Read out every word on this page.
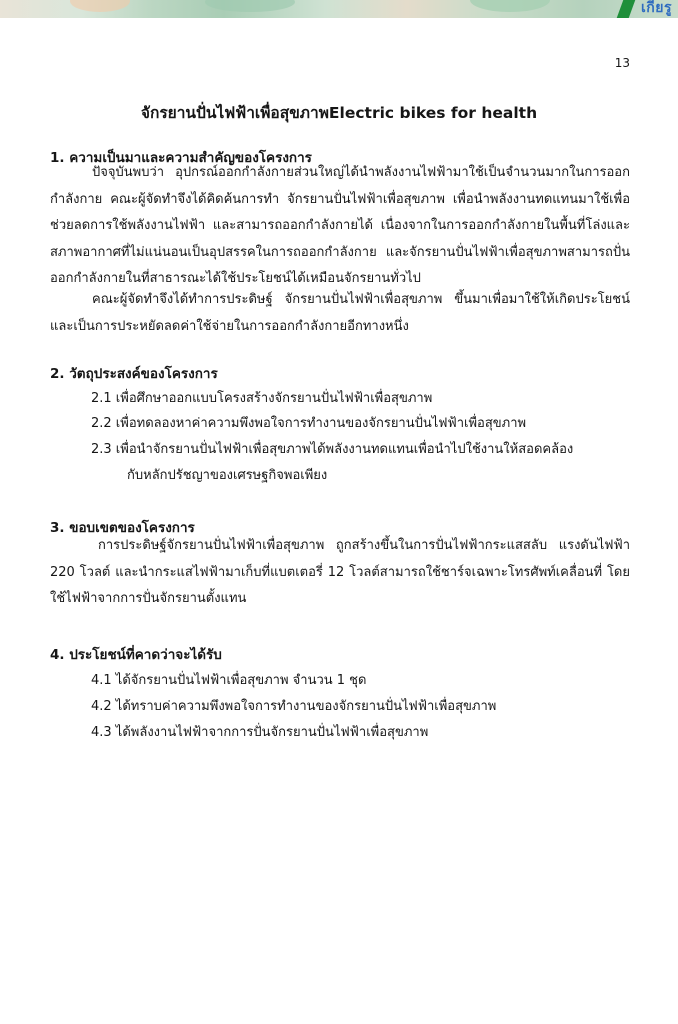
เกียรู
13
จักรยานปั่นไฟฟ้าเพื่อสุขภาพElectric bikes for health
1. ความเป็นมาและความสำคัญของโครงการ

ปัจจุบันพบว่า อุปกรณ์ออกกำลังกายส่วนใหญ่ได้นำพลังงานไฟฟ้ามาใช้เป็นจำนวนมากในการออกกำลังกาย คณะผู้จัดทำจึงได้คิดค้นการทำ จักรยานปั่นไฟฟ้าเพื่อสุขภาพ เพื่อนำพลังงานทดแทนมาใช้เพื่อช่วยลดการใช้พลังงานไฟฟ้า และสามารถออกกำลังกายได้ เนื่องจากในการออกกำลังกายในพื้นที่โล่งและสภาพอากาศที่ไม่แน่นอนเป็นอุปสรรคในการถออกกำลังกาย และจักรยานปั่นไฟฟ้าเพื่อสุขภาพสามารถปั่นออกกำลังกายในที่สาธารณะได้ใช้ประโยชน์ได้เหมือนจักรยานทั่วไป

คณะผู้จัดทำจึงได้ทำการประดิษฐ์ จักรยานปั่นไฟฟ้าเพื่อสุขภาพ ขึ้นมาเพื่อมาใช้ให้เกิดประโยชน์และเป็นการประหยัดลดค่าใช้จ่ายในการออกกำลังกายอีกทางหนึ่ง

2. วัตถุประสงค์ของโครงการ
2.1 เพื่อศึกษาออกแบบโครงสร้างจักรยานปั่นไฟฟ้าเพื่อสุขภาพ
2.2 เพื่อทดลองหาค่าความพึงพอใจการทำงานของจักรยานปั่นไฟฟ้าเพื่อสุขภาพ
2.3 เพื่อนำจักรยานปั่นไฟฟ้าเพื่อสุขภาพได้พลังงานทดแทนเพื่อนำไปใช้งานให้สอดคล้อง
กับหลักปรัชญาของเศรษฐกิจพอเพียง
3. ขอบเขตของโครงการ

การประดิษฐ์จักรยานปั่นไฟฟ้าเพื่อสุขภาพ ถูกสร้างขึ้นในการปั่นไฟฟ้ากระแสสลับ แรงดันไฟฟ้า 220 โวลต์ และนำกระแสไฟฟ้ามาเก็บที่แบตเตอรี่ 12 โวลต์สามารถใช้ชาร์จเฉพาะโทรศัพท์เคลื่อนที่ โดยใช้ไฟฟ้าจากการปั่นจักรยานตั้งแทน

4. ประโยชน์ที่คาดว่าจะได้รับ
4.1 ได้จักรยานปั่นไฟฟ้าเพื่อสุขภาพ จำนวน 1 ชุด
4.2 ได้ทราบค่าความพึงพอใจการทำงานของจักรยานปั่นไฟฟ้าเพื่อสุขภาพ
4.3 ได้พลังงานไฟฟ้าจากการปั่นจักรยานปั่นไฟฟ้าเพื่อสุขภาพ
